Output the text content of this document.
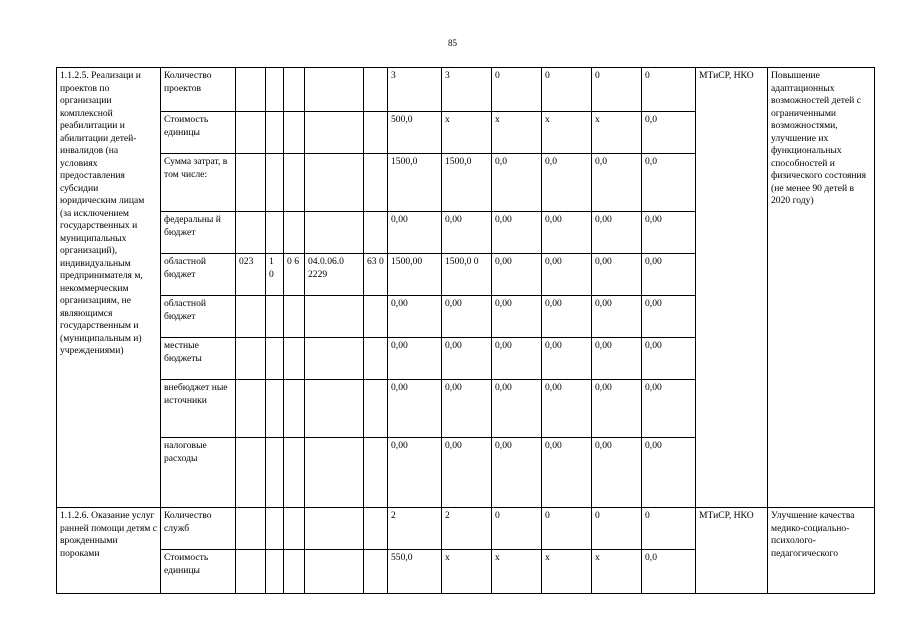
85
1.1.2.5. Реализаци и проектов по организации комплексной реабилитации и абилитации детей-инвалидов (на условиях предоставления субсидии юридическим лицам (за исключением государственных и муниципальных организаций), индивидуальным предпринимателя м, некоммерческим организациям, не являющимся государственным и (муниципальным и) учреждениями)	Количество проектов						3	3	0	0	0	0	МТиСР, НКО	Повышение адаптационных возможностей детей с ограниченными возможностями, улучшение их функциональных способностей и физического состояния (не менее 90 детей в 2020 году)
	Стоимость единицы						500,0	x	x	x	x	0,0		
	Сумма затрат, в том числе:						1500,0	1500,0	0,0	0,0	0,0	0,0		
	федеральны й бюджет						0,00	0,00	0,00	0,00	0,00	0,00		
	областной бюджет	023	1 0	0 6	04.0.06.0 2229	63 0	1500,00	1500,0 0	0,00	0,00	0,00	0,00		
	областной бюджет						0,00	0,00	0,00	0,00	0,00	0,00		
	местные бюджеты						0,00	0,00	0,00	0,00	0,00	0,00		
	внебюджет ные источники						0,00	0,00	0,00	0,00	0,00	0,00		
	налоговые расходы						0,00	0,00	0,00	0,00	0,00	0,00		
1.1.2.6. Оказание услуг ранней помощи детям с врожденными пороками	Количество служб						2	2	0	0	0	0	МТиСР, НКО	Улучшение качества медико-социально-психолого-педагогического
	Стоимость единицы						550,0	x	x	x	x	0,0		
